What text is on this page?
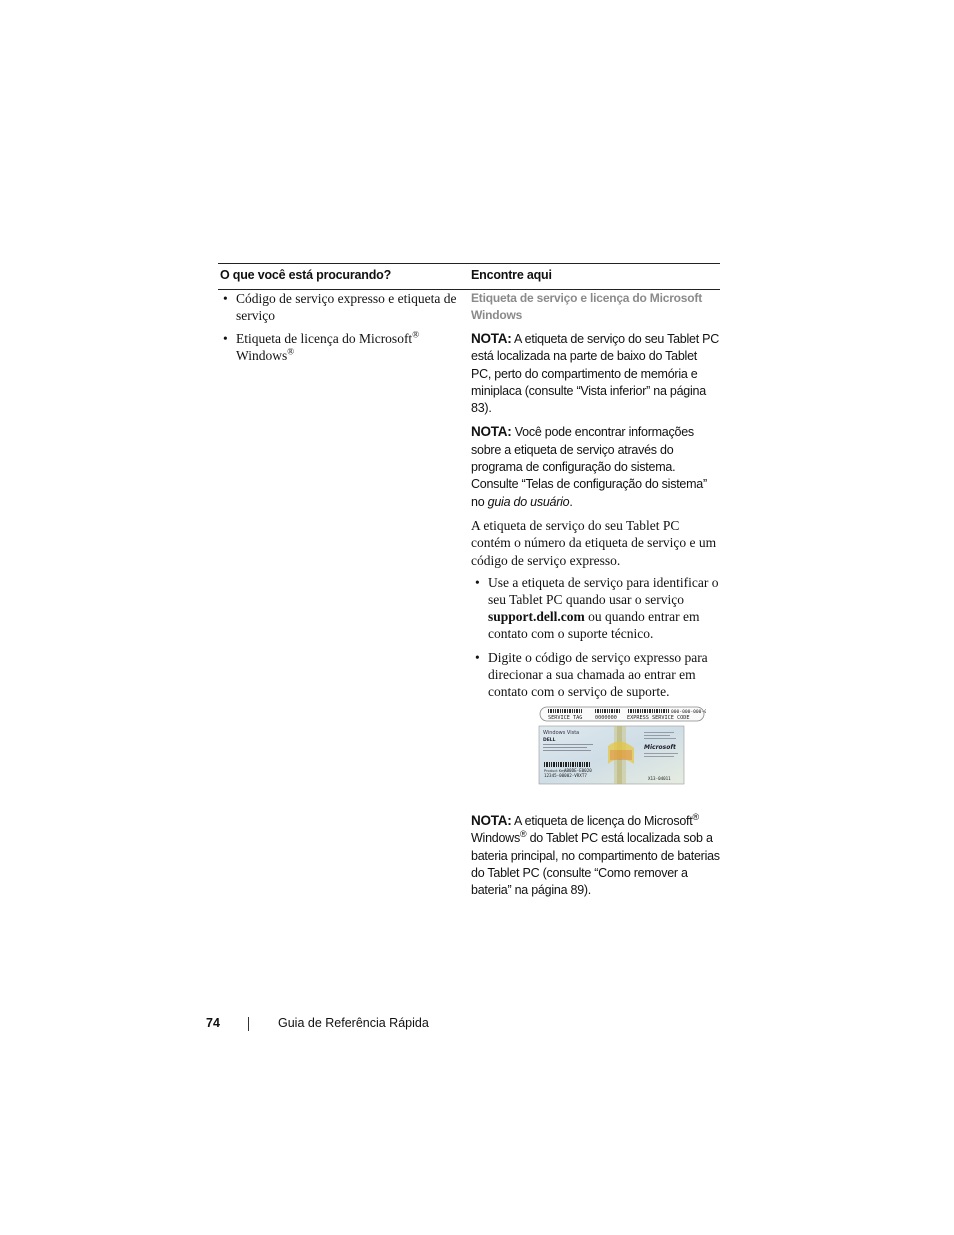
O que você está procurando?	Encontre aqui
• Código de serviço expresso e etiqueta de serviço
• Etiqueta de licença do Microsoft®
Windows®

Etiqueta de serviço e licença do Microsoft Windows

NOTA: A etiqueta de serviço do seu Tablet PC está localizada na parte de baixo do Tablet PC, perto do compartimento de memória e miniplaca (consulte “Vista inferior” na página 83).

NOTA: Você pode encontrar informações sobre a etiqueta de serviço através do programa de configuração do sistema. Consulte “Telas de configuração do sistema” no guia do usuário.

A etiqueta de serviço do seu Tablet PC contém o número da etiqueta de serviço e um código de serviço expresso.

• Use a etiqueta de serviço para identificar o seu Tablet PC quando usar o serviço support.dell.com ou quando entrar em contato com o suporte técnico.
• Digite o código de serviço expresso para direcionar a sua chamada ao entrar em contato com o serviço de suporte.
SERVICE TAG 0000000 EXPRESS SERVICE CODE
000-000-000-00
Windows Vista
DELL
Product Key:
AB0DE-E0020
12345-00002-VRXT7
Microsoft
X13-04011

NOTA: A etiqueta de licença do Microsoft®
Windows® do Tablet PC está localizada sob a bateria principal, no compartimento de baterias do Tablet PC (consulte “Como remover a bateria” na página 89).

74	Guia de Referência Rápida
